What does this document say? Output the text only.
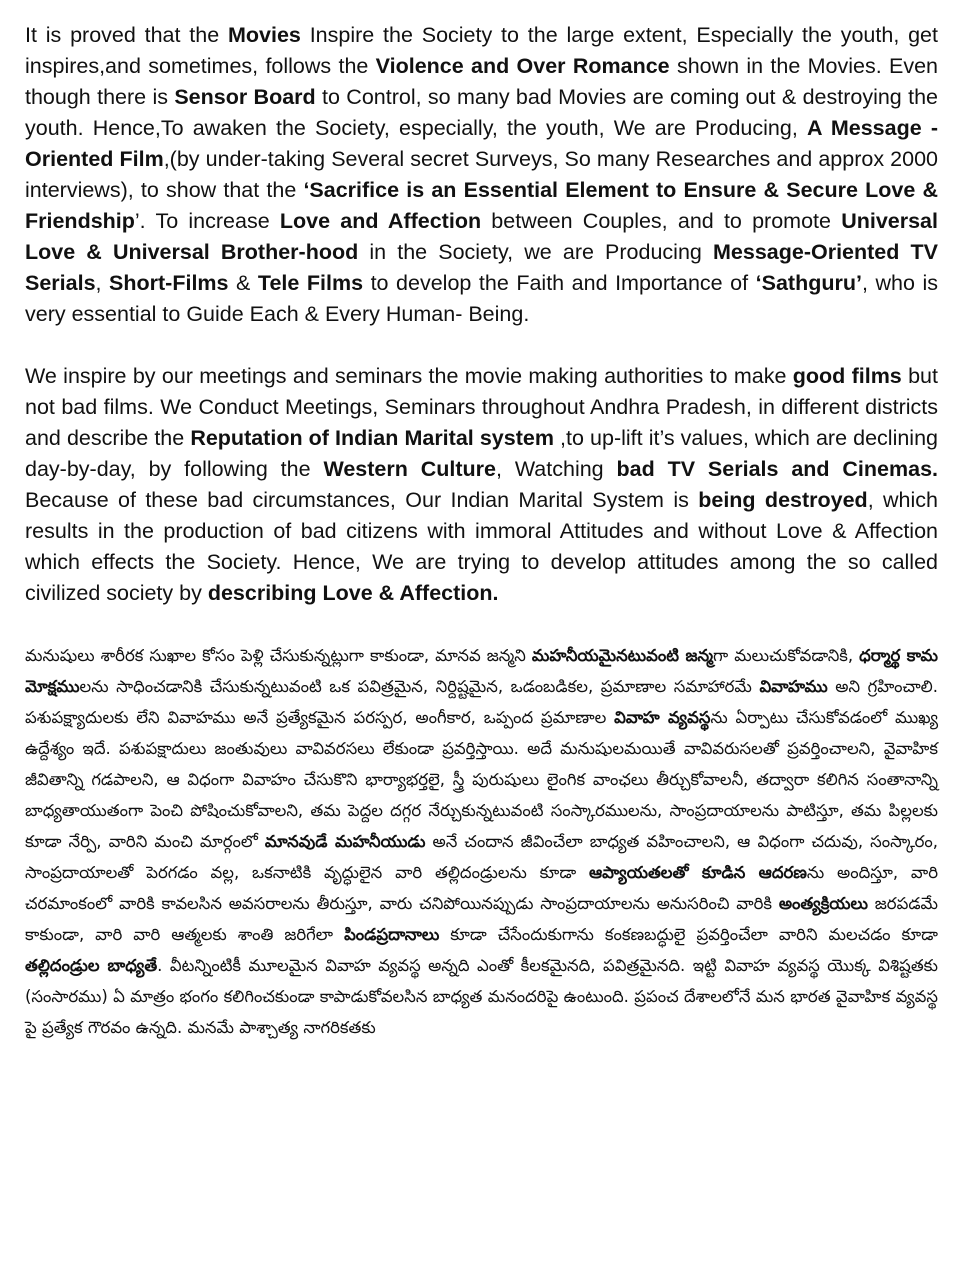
It is proved that the Movies Inspire the Society to the large extent, Especially the youth, get inspires,and sometimes, follows the Violence and Over Romance shown in the Movies. Even though there is Sensor Board to Control, so many bad Movies are coming out & destroying the youth. Hence,To awaken the Society, especially, the youth, We are Producing, A Message - Oriented Film,(by under-taking Several secret Surveys, So many Researches and approx 2000 interviews), to show that the ‘Sacrifice is an Essential Element to Ensure & Secure Love & Friendship’. To increase Love and Affection between Couples, and to promote Universal Love & Universal Brother-hood in the Society, we are Producing Message-Oriented TV Serials, Short-Films & Tele Films to develop the Faith and Importance of ‘Sathguru’, who is very essential to Guide Each & Every Human- Being.

We inspire by our meetings and seminars the movie making authorities to make good films but not bad films. We Conduct Meetings, Seminars throughout Andhra Pradesh, in different districts and describe the Reputation of Indian Marital system ,to up-lift it’s values, which are declining day-by-day, by following the Western Culture, Watching bad TV Serials and Cinemas. Because of these bad circumstances, Our Indian Marital System is being destroyed, which results in the production of bad citizens with immoral Attitudes and without Love & Affection which effects the Society. Hence, We are trying to develop attitudes among the so called civilized society by describing Love & Affection.

మనుషులు శారీరక సుఖాల కోసం పెళ్లి చేసుకున్నట్లుగా కాకుండా, మానవ జన్మని మహనీయమైనటువంటి జన్మగా మలుచుకోవడానికి, ధర్మార్థ కామ మోక్షములను సాధించడానికి చేసుకున్నటువంటి ఒక పవిత్రమైన, నిర్దిష్టమైన, ఒడంబడికల, ప్రమాణాల సమాహారమే వివాహము అని గ్రహించాలి. పశుపక్ష్యాదులకు లేని వివాహము అనే ప్రత్యేకమైన పరస్పర, అంగీకార, ఒప్పంద ప్రమాణాల వివాహ వ్యవస్థను ఏర్పాటు చేసుకోవడంలో ముఖ్య ఉద్దేశ్యం ఇదే. పశుపక్షాదులు జంతువులు వావివరసలు లేకుండా ప్రవర్తిస్తాయి. అదే మనుషులమయితే వావివరుసలతో ప్రవర్తించాలని, వైవాహిక జీవితాన్ని గడపాలని, ఆ విధంగా వివాహం చేసుకొని భార్యాభర్తలై, స్త్రీ పురుషులు లైంగిక వాంఛలు తీర్చుకోవాలనీ, తద్వారా కలిగిన సంతానాన్ని బాధ్యతాయుతంగా పెంచి పోషించుకోవాలని, తమ పెద్దల దగ్గర నేర్చుకున్నటువంటి సంస్కారములను, సాంప్రదాయాలను పాటిస్తూ, తమ పిల్లలకు కూడా నేర్పి, వారిని మంచి మార్గంలో మానవుడే మహనీయుడు అనే చందాన జీవించేలా బాధ్యత వహించాలని, ఆ విధంగా చదువు, సంస్కారం, సాంప్రదాయాలతో పెరగడం వల్ల, ఒకనాటికి వృద్ధులైన వారి తల్లిదండ్రులను కూడా ఆప్యాయతలతో కూడిన ఆదరణను అందిస్తూ, వారి చరమాంకంలో వారికి కావలసిన అవసరాలను తీరుస్తూ, వారు చనిపోయినప్పుడు సాంప్రదాయాలను అనుసరించి వారికి అంత్యక్రియలు జరపడమే కాకుండా, వారి వారి ఆత్మలకు శాంతి జరిగేలా పిండప్రదానాలు కూడా చేసేందుకుగాను కంకణబద్ధులై ప్రవర్తించేలా వారిని మలచడం కూడా తల్లిదండ్రుల బాధ్యతే. వీటన్నింటికీ మూలమైన వివాహ వ్యవస్థ అన్నది ఎంతో కీలకమైనది, పవిత్రమైనది. ఇట్టి వివాహ వ్యవస్థ యొక్క విశిష్టతకు (సంసారము) ఏ మాత్రం భంగం కలిగించకుండా కాపాడుకోవలసిన బాధ్యత మనందరిపై ఉంటుంది. ప్రపంచ దేశాలలోనే మన భారత వైవాహిక వ్యవస్థ పై ప్రత్యేక గౌరవం ఉన్నది. మనమే పాశ్చాత్య నాగరికతకు
